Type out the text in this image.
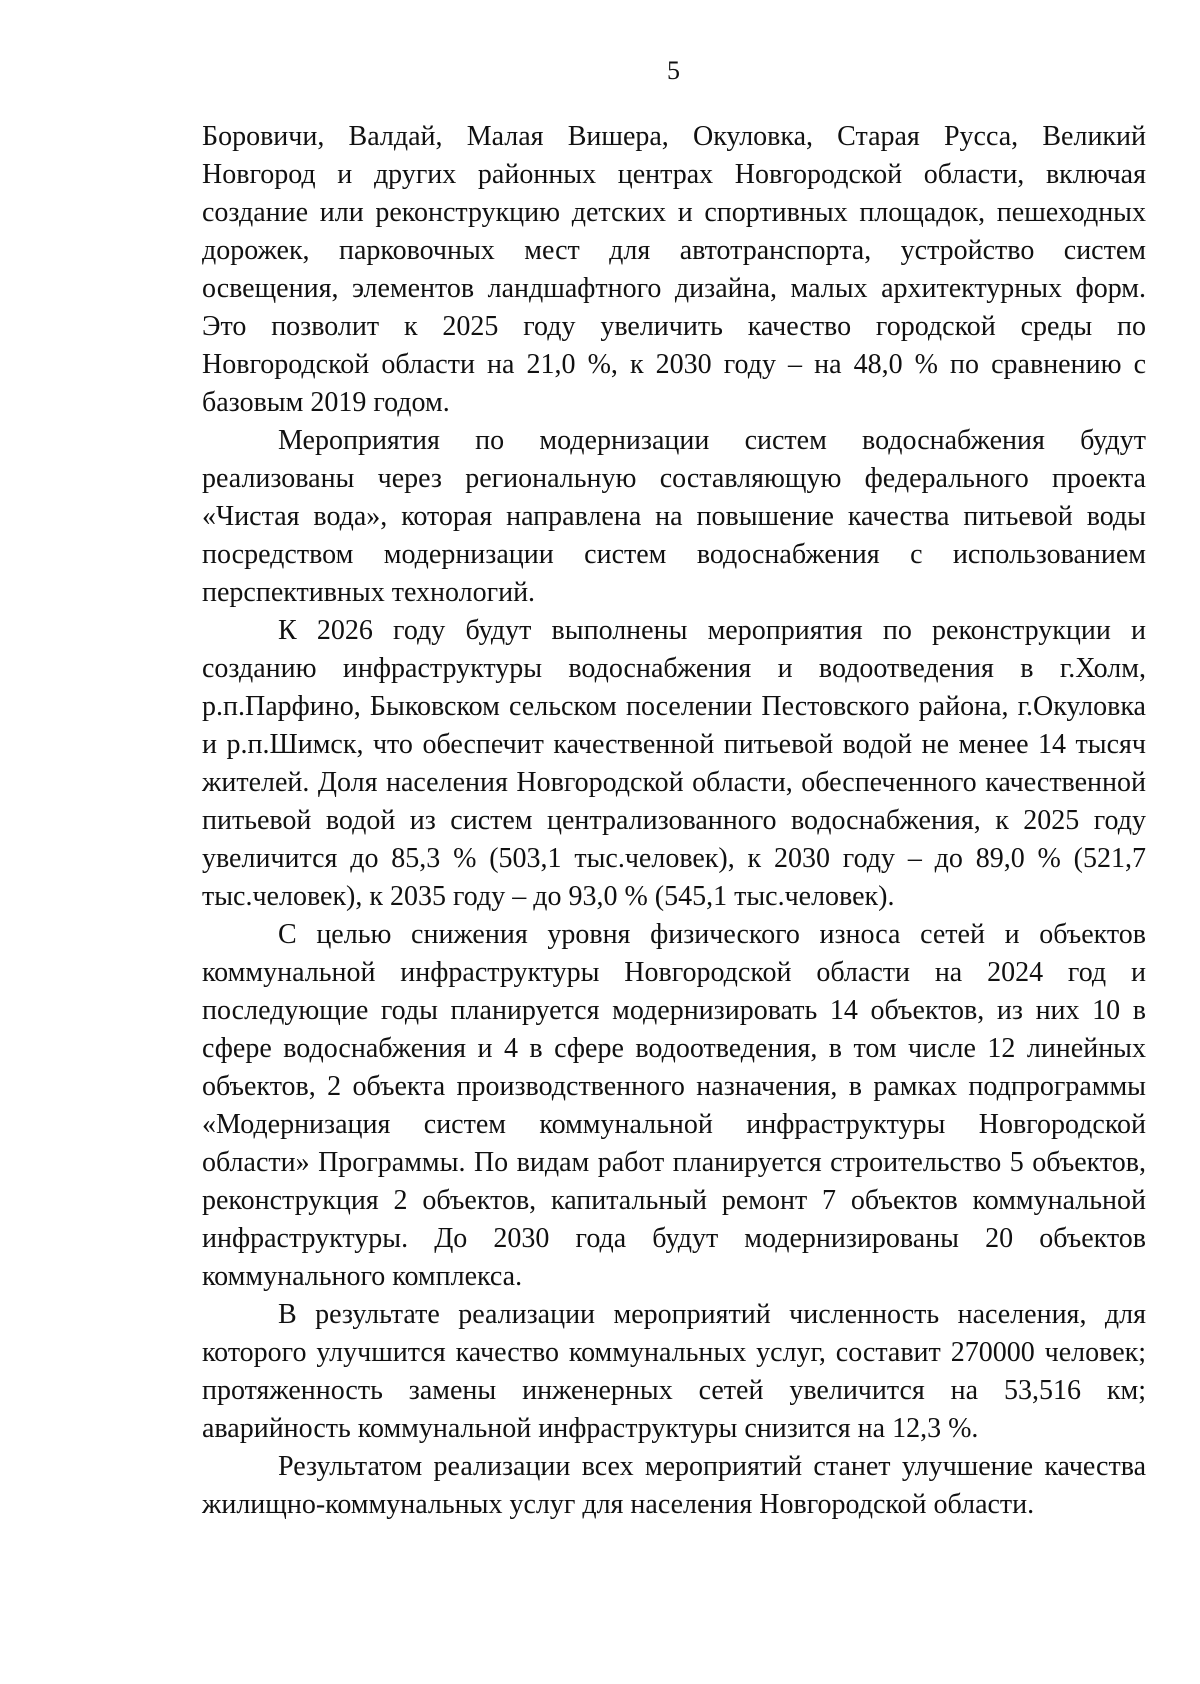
5

Боровичи, Валдай, Малая Вишера, Окуловка, Старая Русса, Великий Новгород и других районных центрах Новгородской области, включая создание или реконструкцию детских и спортивных площадок, пешеходных дорожек, парковочных мест для автотранспорта, устройство систем освещения, элементов ландшафтного дизайна, малых архитектурных форм. Это позволит к 2025 году увеличить качество городской среды по Новгородской области на 21,0 %, к 2030 году – на 48,0 % по сравнению с базовым 2019 годом.

Мероприятия по модернизации систем водоснабжения будут реализованы через региональную составляющую федерального проекта «Чистая вода», которая направлена на повышение качества питьевой воды посредством модернизации систем водоснабжения с использованием перспективных технологий.

К 2026 году будут выполнены мероприятия по реконструкции и созданию инфраструктуры водоснабжения и водоотведения в г.Холм, р.п.Парфино, Быковском сельском поселении Пестовского района, г.Окуловка и р.п.Шимск, что обеспечит качественной питьевой водой не менее 14 тысяч жителей. Доля населения Новгородской области, обеспеченного качественной питьевой водой из систем централизованного водоснабжения, к 2025 году увеличится до 85,3 % (503,1 тыс.человек), к 2030 году – до 89,0 % (521,7 тыс.человек), к 2035 году – до 93,0 % (545,1 тыс.человек).

С целью снижения уровня физического износа сетей и объектов коммунальной инфраструктуры Новгородской области на 2024 год и последующие годы планируется модернизировать 14 объектов, из них 10 в сфере водоснабжения и 4 в сфере водоотведения, в том числе 12 линейных объектов, 2 объекта производственного назначения, в рамках подпрограммы «Модернизация систем коммунальной инфраструктуры Новгородской области» Программы. По видам работ планируется строительство 5 объектов, реконструкция 2 объектов, капитальный ремонт 7 объектов коммунальной инфраструктуры. До 2030 года будут модернизированы 20 объектов коммунального комплекса.

В результате реализации мероприятий численность населения, для которого улучшится качество коммунальных услуг, составит 270000 человек; протяженность замены инженерных сетей увеличится на 53,516 км; аварийность коммунальной инфраструктуры снизится на 12,3 %.

Результатом реализации всех мероприятий станет улучшение качества жилищно-коммунальных услуг для населения Новгородской области.
